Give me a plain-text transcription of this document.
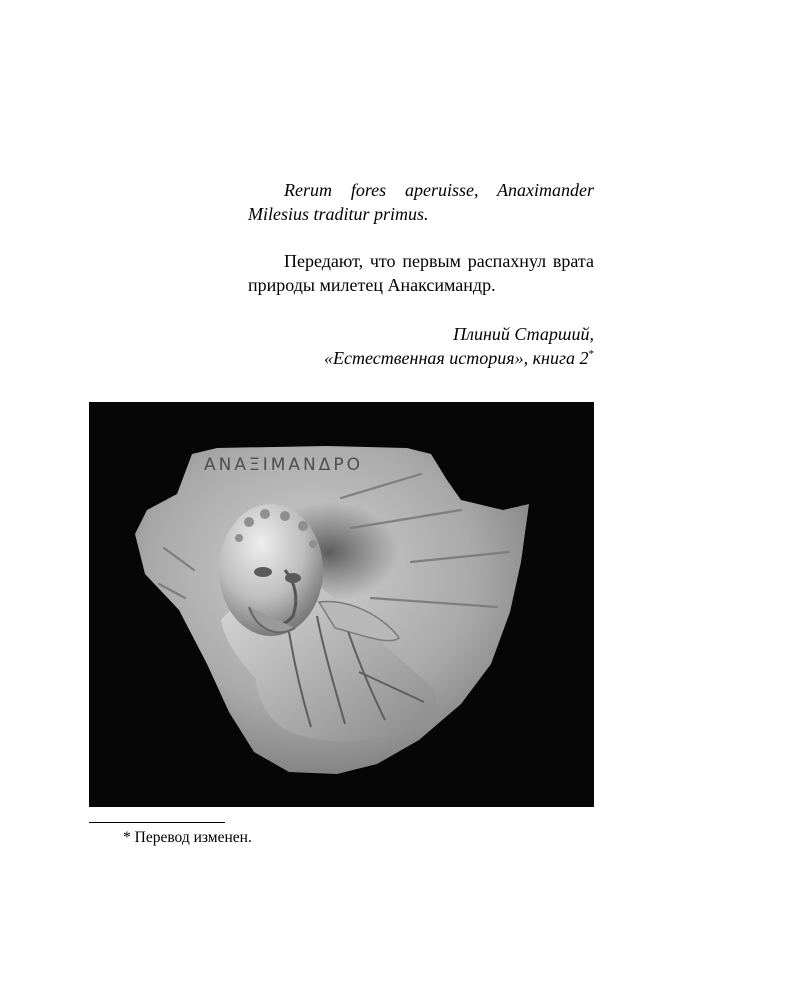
Rerum fores aperuisse, Anaximander Milesius traditur primus.

Передают, что первым распахнул врата природы милетец Анаксимандр.

Плиний Старший,
«Естественная история», книга 2*
ΑΝΑΞΙΜΑΝΔΡΟ
* Перевод изменен.
